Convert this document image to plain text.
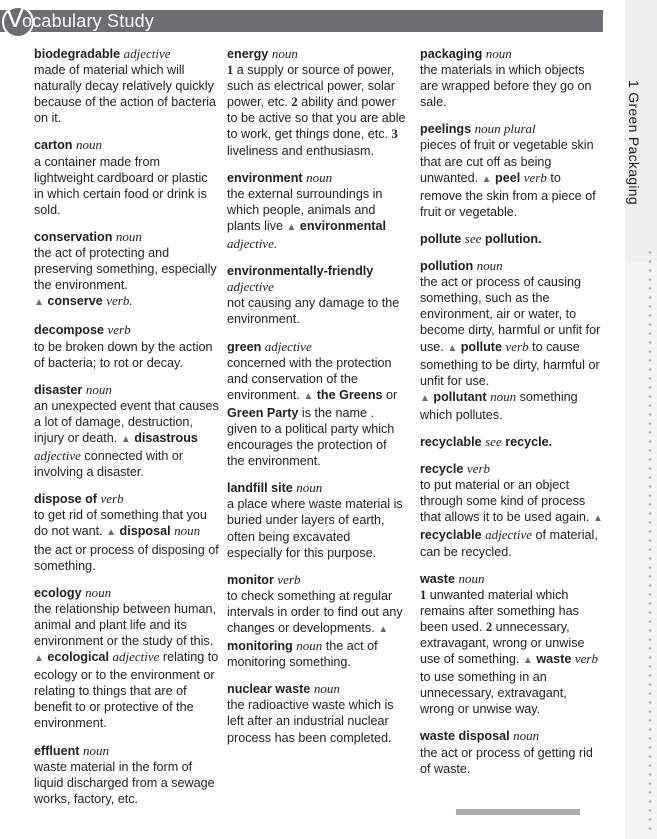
V
ocabulary Study
1 Green Packaging
biodegradable adjective
made of material which will naturally decay relatively quickly because of the action of bacteria on it.
carton noun
a container made from lightweight cardboard or plastic in which certain food or drink is sold.
conservation noun
the act of protecting and preserving something, especially the environment.
▲ conserve verb.
decompose verb
to be broken down by the action of bacteria; to rot or decay.
disaster noun
an unexpected event that causes a lot of damage, destruction, injury or death. ▲ disastrous adjective connected with or involving a disaster.
dispose of verb
to get rid of something that you do not want. ▲ disposal noun the act or process of disposing of something.
ecology noun
the relationship between human, animal and plant life and its environment or the study of this. ▲ ecological adjective relating to ecology or to the environment or relating to things that are of benefit to or protective of the environment.
effluent noun
waste material in the form of liquid discharged from a sewage works, factory, etc.
energy noun
1 a supply or source of power, such as electrical power, solar power, etc. 2 ability and power to be active so that you are able to work, get things done, etc. 3 liveliness and enthusiasm.
environment noun
the external surroundings in which people, animals and plants live ▲ environmental adjective.
environmentally-friendly
adjective
not causing any damage to the environment.
green adjective
concerned with the protection and conservation of the environment. ▲ the Greens or Green Party is the name . given to a political party which encourages the protection of the environment.
landfill site noun
a place where waste material is buried under layers of earth, often being excavated especially for this purpose.
monitor verb
to check something at regular intervals in order to find out any changes or developments. ▲ monitoring noun the act of monitoring something.
nuclear waste noun
the radioactive waste which is left after an industrial nuclear process has been completed.
packaging noun
the materials in which objects are wrapped before they go on sale.
peelings noun plural
pieces of fruit or vegetable skin that are cut off as being unwanted. ▲ peel verb to remove the skin from a piece of fruit or vegetable.
pollute see pollution.
pollution noun
the act or process of causing something, such as the environment, air or water, to become dirty, harmful or unfit for use. ▲ pollute verb to cause something to be dirty, harmful or unfit for use.
▲ pollutant noun something which pollutes.
recyclable see recycle.
recycle verb
to put material or an object through some kind of process that allows it to be used again. ▲ recyclable adjective of material, can be recycled.
waste noun
1 unwanted material which remains after something has been used. 2 unnecessary, extravagant, wrong or unwise use of something. ▲ waste verb to use something in an unnecessary, extravagant, wrong or unwise way.
waste disposal noun
the act or process of getting rid of waste.
